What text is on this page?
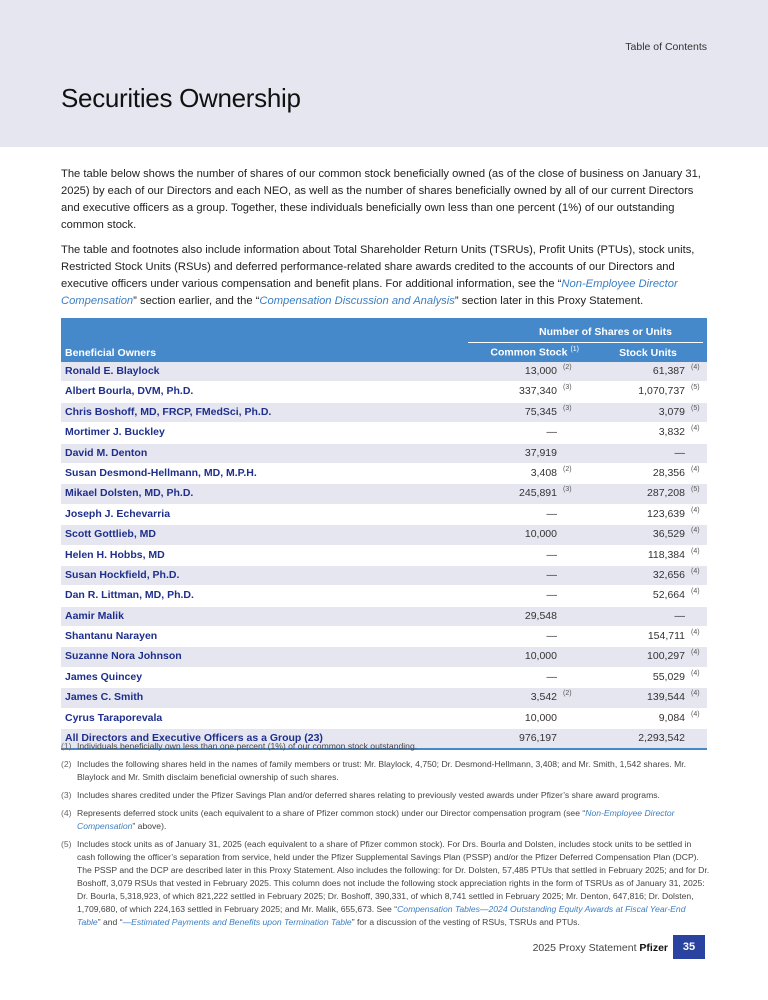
Table of Contents
Securities Ownership

The table below shows the number of shares of our common stock beneficially owned (as of the close of business on January 31, 2025) by each of our Directors and each NEO, as well as the number of shares beneficially owned by all of our current Directors and executive officers as a group. Together, these individuals beneficially own less than one percent (1%) of our outstanding common stock.

The table and footnotes also include information about Total Shareholder Return Units (TSRUs), Profit Units (PTUs), stock units, Restricted Stock Units (RSUs) and deferred performance-related share awards credited to the accounts of our Directors and executive officers under various compensation and benefit plans. For additional information, see the “Non-Employee Director Compensation” section earlier, and the “Compensation Discussion and Analysis” section later in this Proxy Statement.

Number of Shares or Units
Beneficial Owners	Common Stock $^{(1)}$	Stock Units
Ronald E. Blaylock	13,000 (2)	61,387 (4)
Albert Bourla, DVM, Ph.D.	337,340 (3)	1,070,737 (5)
Chris Boshoff, MD, FRCP, FMedSci, Ph.D.	75,345 (3)	3,079 (5)
Mortimer J. Buckley	—	3,832 (4)
David M. Denton	37,919	—
Susan Desmond-Hellmann, MD, M.P.H.	3,408 (2)	28,356 (4)
Mikael Dolsten, MD, Ph.D.	245,891 (3)	287,208 (5)
Joseph J. Echevarria	—	123,639 (4)
Scott Gottlieb, MD	10,000	36,529 (4)
Helen H. Hobbs, MD	—	118,384 (4)
Susan Hockfield, Ph.D.	—	32,656 (4)
Dan R. Littman, MD, Ph.D.	—	52,664 (4)
Aamir Malik	29,548	—
Shantanu Narayen	—	154,711 (4)
Suzanne Nora Johnson	10,000	100,297 (4)
James Quincey	—	55,029 (4)
James C. Smith	3,542 (2)	139,544 (4)
Cyrus Taraporevala	10,000	9,084 (4)
All Directors and Executive Officers as a Group (23)	976,197	2,293,542
(1) Individuals beneficially own less than one percent (1%) of our common stock outstanding.
(2) Includes the following shares held in the names of family members or trust: Mr. Blaylock, 4,750; Dr. Desmond-Hellmann, 3,408; and Mr. Smith, 1,542 shares. Mr. Blaylock and Mr. Smith disclaim beneficial ownership of such shares.
(3) Includes shares credited under the Pfizer Savings Plan and/or deferred shares relating to previously vested awards under Pfizer’s share award programs.
(4) Represents deferred stock units (each equivalent to a share of Pfizer common stock) under our Director compensation program (see “Non-Employee Director Compensation” above).
(5) Includes stock units as of January 31, 2025 (each equivalent to a share of Pfizer common stock). For Drs. Bourla and Dolsten, includes stock units to be settled in cash following the officer’s separation from service, held under the Pfizer Supplemental Savings Plan (PSSP) and/or the Pfizer Deferred Compensation Plan (DCP). The PSSP and the DCP are described later in this Proxy Statement. Also includes the following: for Dr. Dolsten, 57,485 PTUs that settled in February 2025; and for Dr. Boshoff, 3,079 RSUs that vested in February 2025. This column does not include the following stock appreciation rights in the form of TSRUs as of January 31, 2025: Dr. Bourla, 5,318,923, of which 821,222 settled in February 2025; Dr. Boshoff, 390,331, of which 8,741 settled in February 2025; Mr. Denton, 647,816; Dr. Dolsten, 1,709,680, of which 224,163 settled in February 2025; and Mr. Malik, 655,673. See “Compensation Tables—2024 Outstanding Equity Awards at Fiscal Year-End Table” and “—Estimated Payments and Benefits upon Termination Table” for a discussion of the vesting of RSUs, TSRUs and PTUs.
2025 Proxy Statement Pfizer	35
